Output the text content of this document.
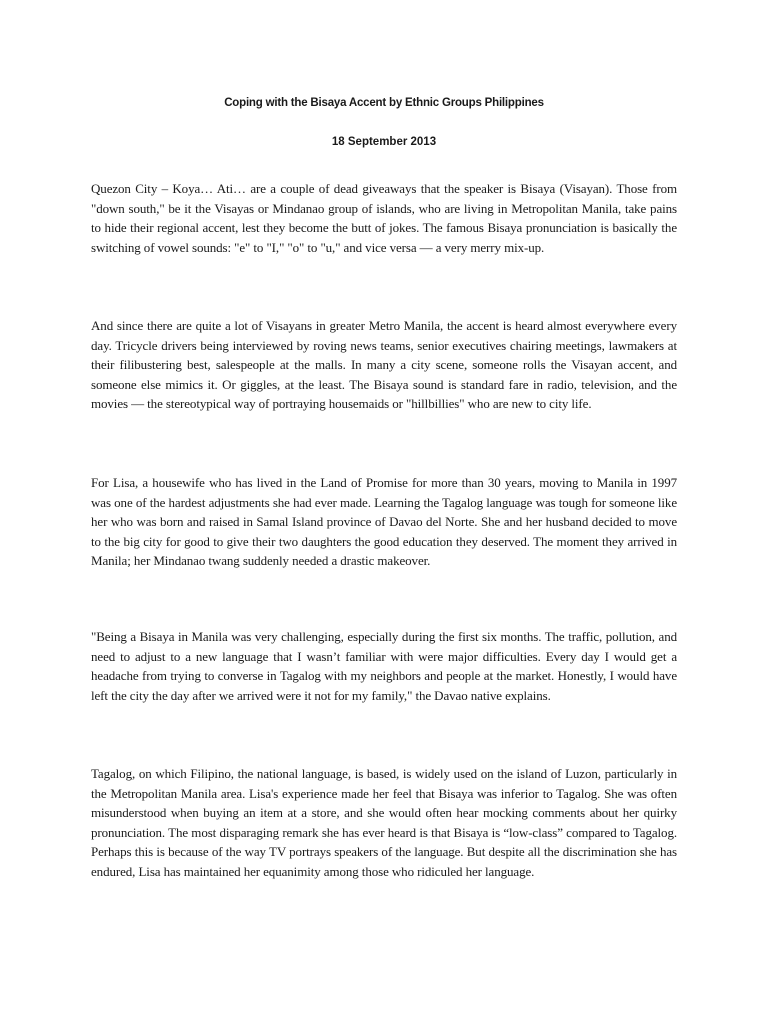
Coping with the Bisaya Accent by Ethnic Groups Philippines
18 September 2013

Quezon City – Koya… Ati… are a couple of dead giveaways that the speaker is Bisaya (Visayan). Those from "down south," be it the Visayas or Mindanao group of islands, who are living in Metropolitan Manila, take pains to hide their regional accent, lest they become the butt of jokes. The famous Bisaya pronunciation is basically the switching of vowel sounds: "e" to "I," "o" to "u," and vice versa — a very merry mix-up.

And since there are quite a lot of Visayans in greater Metro Manila, the accent is heard almost everywhere every day. Tricycle drivers being interviewed by roving news teams, senior executives chairing meetings, lawmakers at their filibustering best, salespeople at the malls. In many a city scene, someone rolls the Visayan accent, and someone else mimics it. Or giggles, at the least. The Bisaya sound is standard fare in radio, television, and the movies — the stereotypical way of portraying housemaids or "hillbillies" who are new to city life.

For Lisa, a housewife who has lived in the Land of Promise for more than 30 years, moving to Manila in 1997 was one of the hardest adjustments she had ever made. Learning the Tagalog language was tough for someone like her who was born and raised in Samal Island province of Davao del Norte. She and her husband decided to move to the big city for good to give their two daughters the good education they deserved. The moment they arrived in Manila; her Mindanao twang suddenly needed a drastic makeover.

"Being a Bisaya in Manila was very challenging, especially during the first six months. The traffic, pollution, and need to adjust to a new language that I wasn’t familiar with were major difficulties. Every day I would get a headache from trying to converse in Tagalog with my neighbors and people at the market. Honestly, I would have left the city the day after we arrived were it not for my family," the Davao native explains.

Tagalog, on which Filipino, the national language, is based, is widely used on the island of Luzon, particularly in the Metropolitan Manila area. Lisa's experience made her feel that Bisaya was inferior to Tagalog. She was often misunderstood when buying an item at a store, and she would often hear mocking comments about her quirky pronunciation. The most disparaging remark she has ever heard is that Bisaya is “low-class” compared to Tagalog. Perhaps this is because of the way TV portrays speakers of the language. But despite all the discrimination she has endured, Lisa has maintained her equanimity among those who ridiculed her language.
